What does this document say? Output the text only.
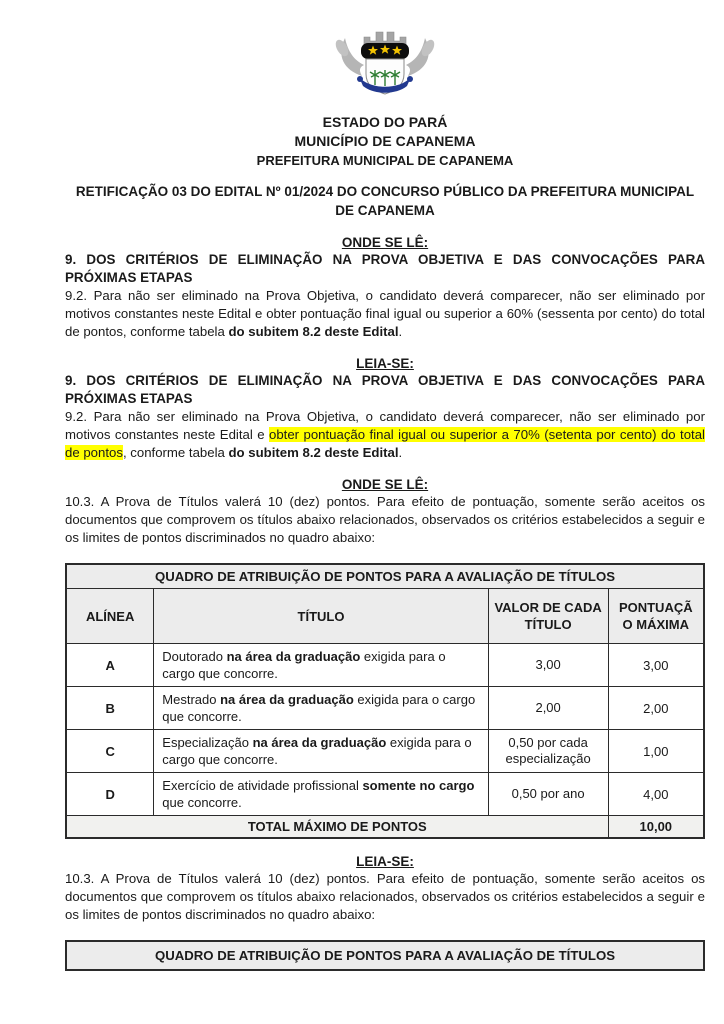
ESTADO DO PARÁ
MUNICÍPIO DE CAPANEMA
PREFEITURA MUNICIPAL DE CAPANEMA
RETIFICAÇÃO 03 DO EDITAL Nº 01/2024 DO CONCURSO PÚBLICO DA PREFEITURA MUNICIPAL DE CAPANEMA
ONDE SE LÊ:

9. DOS CRITÉRIOS DE ELIMINAÇÃO NA PROVA OBJETIVA E DAS CONVOCAÇÕES PARA PRÓXIMAS ETAPAS

9.2. Para não ser eliminado na Prova Objetiva, o candidato deverá comparecer, não ser eliminado por motivos constantes neste Edital e obter pontuação final igual ou superior a 60% (sessenta por cento) do total de pontos, conforme tabela do subitem 8.2 deste Edital.

LEIA-SE:

9. DOS CRITÉRIOS DE ELIMINAÇÃO NA PROVA OBJETIVA E DAS CONVOCAÇÕES PARA PRÓXIMAS ETAPAS

9.2. Para não ser eliminado na Prova Objetiva, o candidato deverá comparecer, não ser eliminado por motivos constantes neste Edital e obter pontuação final igual ou superior a 70% (setenta por cento) do total de pontos, conforme tabela do subitem 8.2 deste Edital.

ONDE SE LÊ:

10.3. A Prova de Títulos valerá 10 (dez) pontos. Para efeito de pontuação, somente serão aceitos os documentos que comprovem os títulos abaixo relacionados, observados os critérios estabelecidos a seguir e os limites de pontos discriminados no quadro abaixo:

QUADRO DE ATRIBUIÇÃO DE PONTOS PARA A AVALIAÇÃO DE TÍTULOS			
ALÍNEA	TÍTULO	VALOR DE CADA TÍTULO	PONTUAÇÃ O MÁXIMA
A	Doutorado na área da graduação exigida para o cargo que concorre.	3,00	3,00
B	Mestrado na área da graduação exigida para o cargo que concorre.	2,00	2,00
C	Especialização na área da graduação exigida para o cargo que concorre.	0,50 por cada especialização	1,00
D	Exercício de atividade profissional somente no cargo que concorre.	0,50 por ano	4,00
TOTAL MÁXIMO DE PONTOS			10,00
LEIA-SE:

10.3. A Prova de Títulos valerá 10 (dez) pontos. Para efeito de pontuação, somente serão aceitos os documentos que comprovem os títulos abaixo relacionados, observados os critérios estabelecidos a seguir e os limites de pontos discriminados no quadro abaixo:

QUADRO DE ATRIBUIÇÃO DE PONTOS PARA A AVALIAÇÃO DE TÍTULOS
